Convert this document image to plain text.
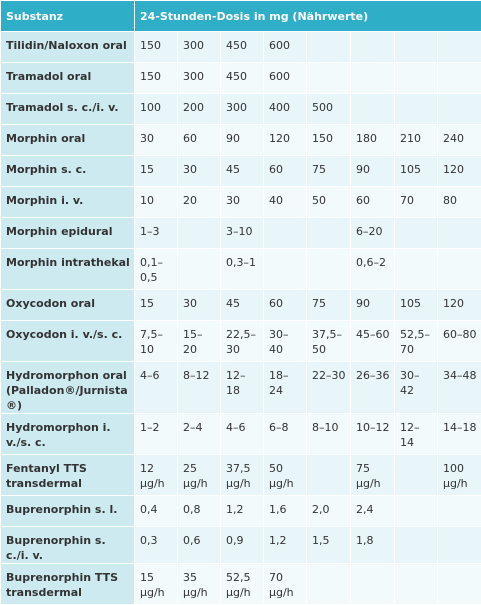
Substanz	24-Stunden-Dosis in mg (Nährwerte)							
Tilidin/Naloxon oral	150	300	450	600				
Tramadol oral	150	300	450	600				
Tramadol s. c./i. v.	100	200	300	400	500			
Morphin oral	30	60	90	120	150	180	210	240
Morphin s. c.	15	30	45	60	75	90	105	120
Morphin i. v.	10	20	30	40	50	60	70	80
Morphin epidural	1–3		3–10			6–20		
Morphin intrathekal	0,1–0,5		0,3–1			0,6–2		
Oxycodon oral	15	30	45	60	75	90	105	120
Oxycodon i. v./s. c.	7,5–10	15–20	22,5–30	30–40	37,5–50	45–60	52,5–70	60–80
Hydromorphon oral (Palladon®/Jurnista®)	4–6	8–12	12–18	18–24	22–30	26–36	30–42	34–48
Hydromorphon i. v./s. c.	1–2	2–4	4–6	6–8	8–10	10–12	12–14	14–18
Fentanyl TTS transdermal	12 µg/h	25 µg/h	37,5 µg/h	50 µg/h		75 µg/h		100 µg/h
Buprenorphin s. l.	0,4	0,8	1,2	1,6	2,0	2,4		
Buprenorphin s. c./i. v.	0,3	0,6	0,9	1,2	1,5	1,8		
Buprenorphin TTS transdermal	15 µg/h	35 µg/h	52,5 µg/h	70 µg/h				
